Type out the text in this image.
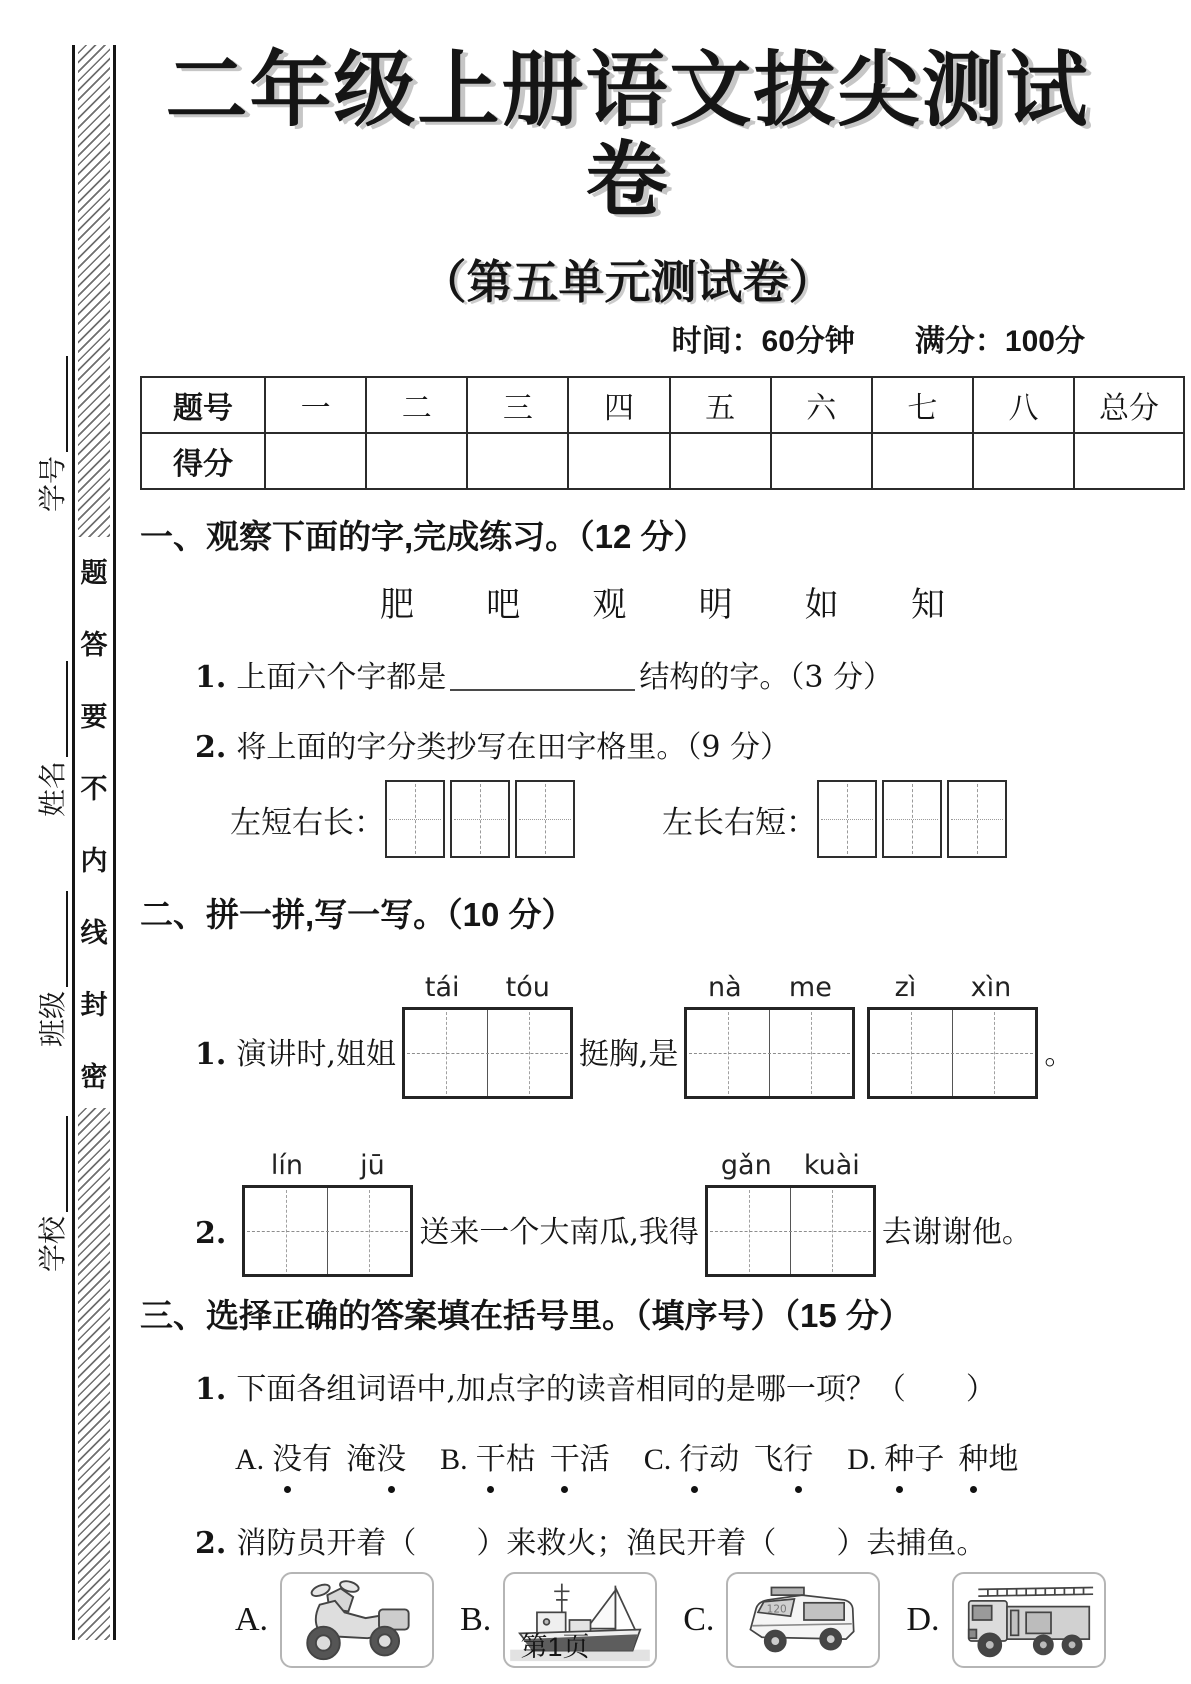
学号
姓名
班级
学校
题
答
要
不
内
线
封
密
二年级上册语文拔尖测试卷
（第五单元测试卷）
时间：60分钟　　满分：100分
题号	一	二	三	四	五	六	七	八	总分
得分									
一、观察下面的字,完成练习。（12 分）
肥 吧 观 明 如 知
1. 上面六个字都是	结构的字。（3 分）
2. 将上面的字分类抄写在田字格里。（9 分）
左短右长：	左长右短：
二、拼一拼,写一写。（10 分）
1. 演讲时,姐姐
tái tóu
挺胸,是
nà me zì xìn
。
2.
lín jū
送来一个大南瓜,我得
gǎn kuài
去谢谢他。
三、选择正确的答案填在括号里。（填序号）（15 分）
1. 下面各组词语中,加点字的读音相同的是哪一项？（　　）
A. 没有 淹没 B. 干枯 干活 C. 行动 飞行 D. 种子 种地
2. 消防员开着（　　）来救火；渔民开着（　　）去捕鱼。
A.	B.	C.	120	D.
第1页
